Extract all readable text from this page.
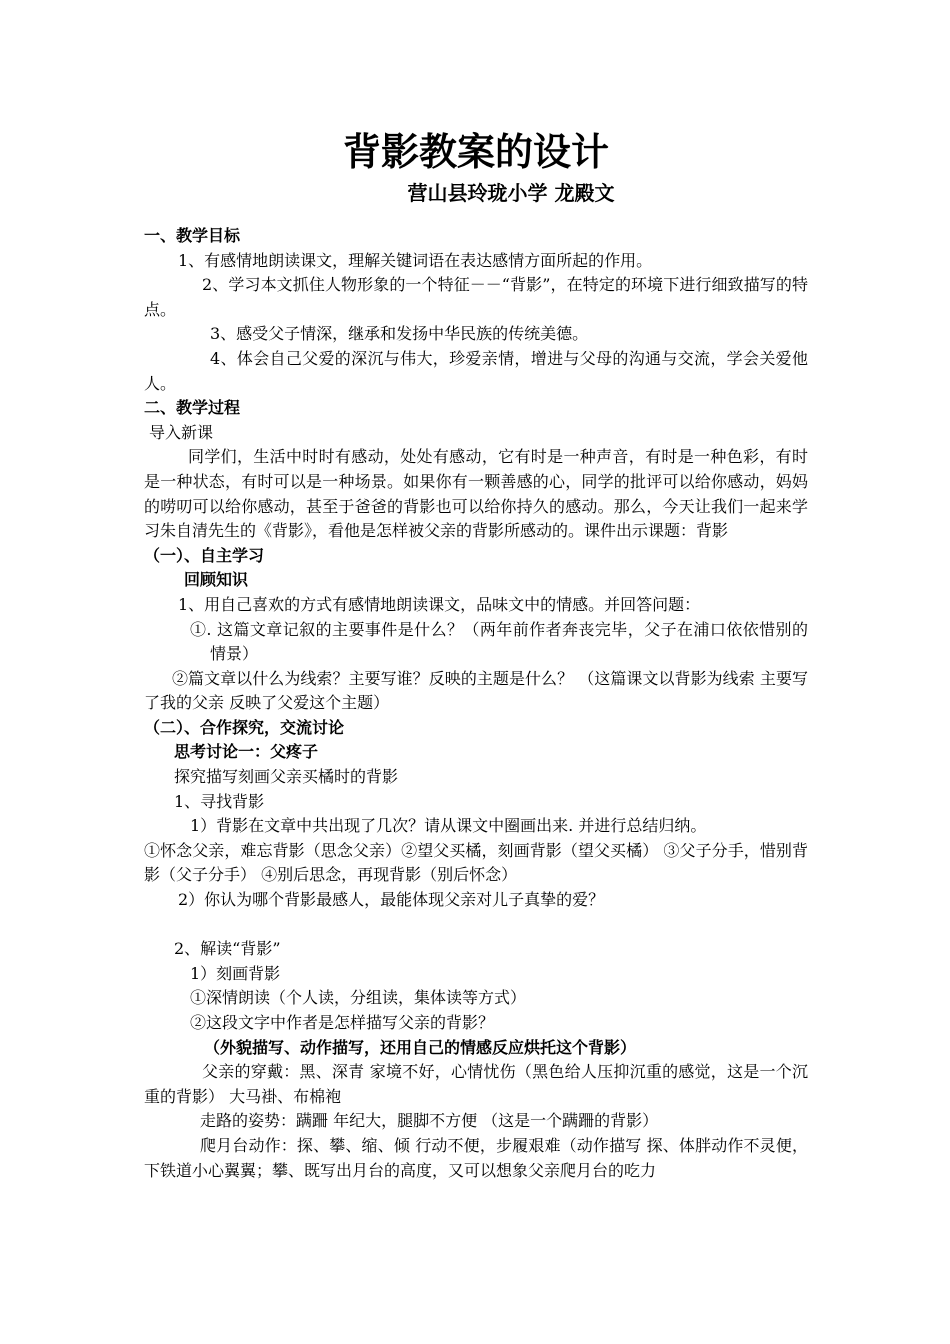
背影教案的设计
营山县玲珑小学 龙殿文

一、教学目标

1、有感情地朗读课文，理解关键词语在表达感情方面所起的作用。

2、学习本文抓住人物形象的一个特征－－“背影”，在特定的环境下进行细致描写的特点。

3、感受父子情深，继承和发扬中华民族的传统美德。

4、体会自己父爱的深沉与伟大，珍爱亲情，增进与父母的沟通与交流，学会关爱他人。

二、教学过程

导入新课

同学们，生活中时时有感动，处处有感动，它有时是一种声音，有时是一种色彩，有时是一种状态，有时可以是一种场景。如果你有一颗善感的心，同学的批评可以给你感动，妈妈的唠叨可以给你感动，甚至于爸爸的背影也可以给你持久的感动。那么，今天让我们一起来学习朱自清先生的《背影》，看他是怎样被父亲的背影所感动的。课件出示课题：背影

（一）、自主学习

回顾知识

1、用自己喜欢的方式有感情地朗读课文，品味文中的情感。并回答问题：

①. 这篇文章记叙的主要事件是什么？（两年前作者奔丧完毕，父子在浦口依依惜别的情景）

②篇文章以什么为线索？主要写谁？反映的主题是什么？ （这篇课文以背影为线索 主要写了我的父亲 反映了父爱这个主题）

（二）、合作探究，交流讨论

思考讨论一：父疼子

探究描写刻画父亲买橘时的背影

1、寻找背影

1）背影在文章中共出现了几次？请从课文中圈画出来. 并进行总结归纳。

①怀念父亲，难忘背影（思念父亲）②望父买橘，刻画背影（望父买橘） ③父子分手，惜别背影（父子分手） ④别后思念，再现背影（别后怀念）

2）你认为哪个背影最感人，最能体现父亲对儿子真挚的爱？

2、解读“背影”

1）刻画背影

①深情朗读（个人读，分组读，集体读等方式）

②这段文字中作者是怎样描写父亲的背影？

（外貌描写、动作描写，还用自己的情感反应烘托这个背影）

父亲的穿戴：黑、深青 家境不好，心情忧伤（黑色给人压抑沉重的感觉，这是一个沉重的背影） 大马褂、布棉袍

走路的姿势：蹒跚 年纪大，腿脚不方便 （这是一个蹒跚的背影）

爬月台动作：探、攀、缩、倾 行动不便，步履艰难（动作描写 探、体胖动作不灵便，下铁道小心翼翼；攀、既写出月台的高度，又可以想象父亲爬月台的吃力
